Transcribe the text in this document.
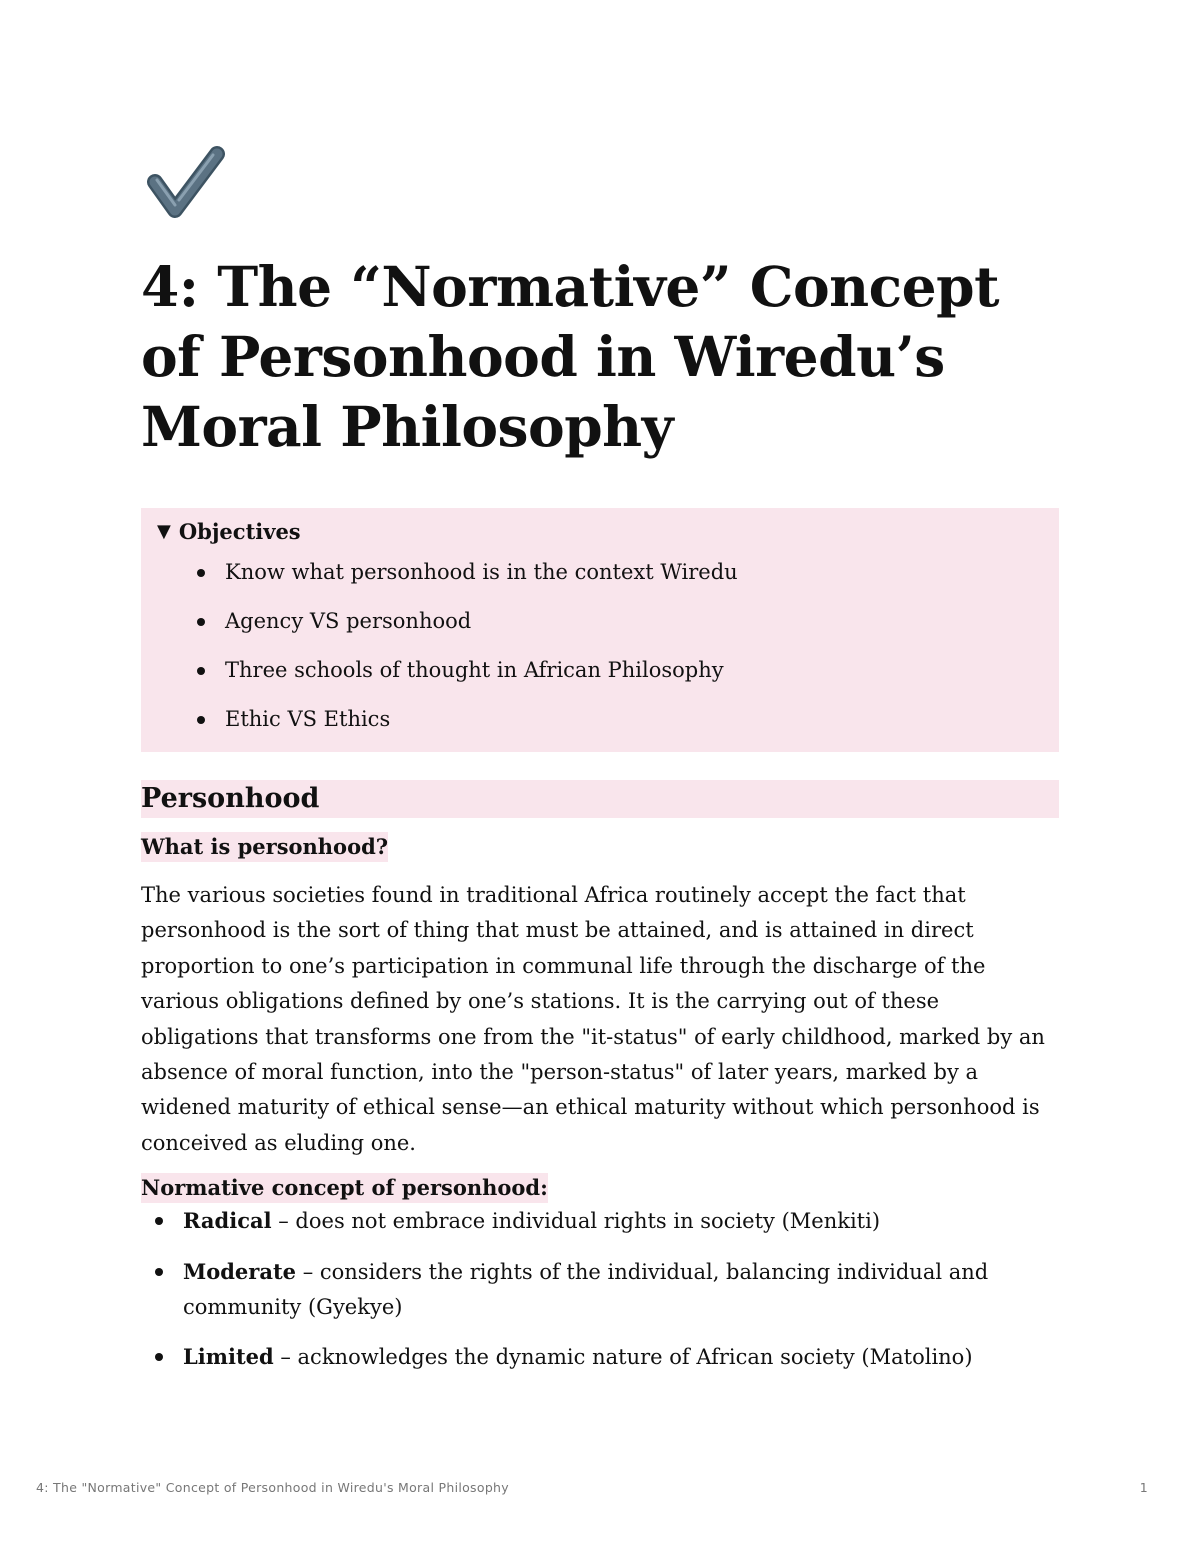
4: The “Normative” Concept of Personhood in Wiredu’s Moral Philosophy
▼ Objectives
Know what personhood is in the context Wiredu
Agency VS personhood
Three schools of thought in African Philosophy
Ethic VS Ethics
Personhood
What is personhood?

The various societies found in traditional Africa routinely accept the fact that personhood is the sort of thing that must be attained, and is attained in direct proportion to one’s participation in communal life through the discharge of the various obligations defined by one’s stations. It is the carrying out of these obligations that transforms one from the "it-status" of early childhood, marked by an absence of moral function, into the "person-status" of later years, marked by a widened maturity of ethical sense—an ethical maturity without which personhood is conceived as eluding one.

Normative concept of personhood:
Radical – does not embrace individual rights in society (Menkiti)
Moderate – considers the rights of the individual, balancing individual and community (Gyekye)
Limited – acknowledges the dynamic nature of African society (Matolino)
4: The "Normative" Concept of Personhood in Wiredu's Moral Philosophy	1
